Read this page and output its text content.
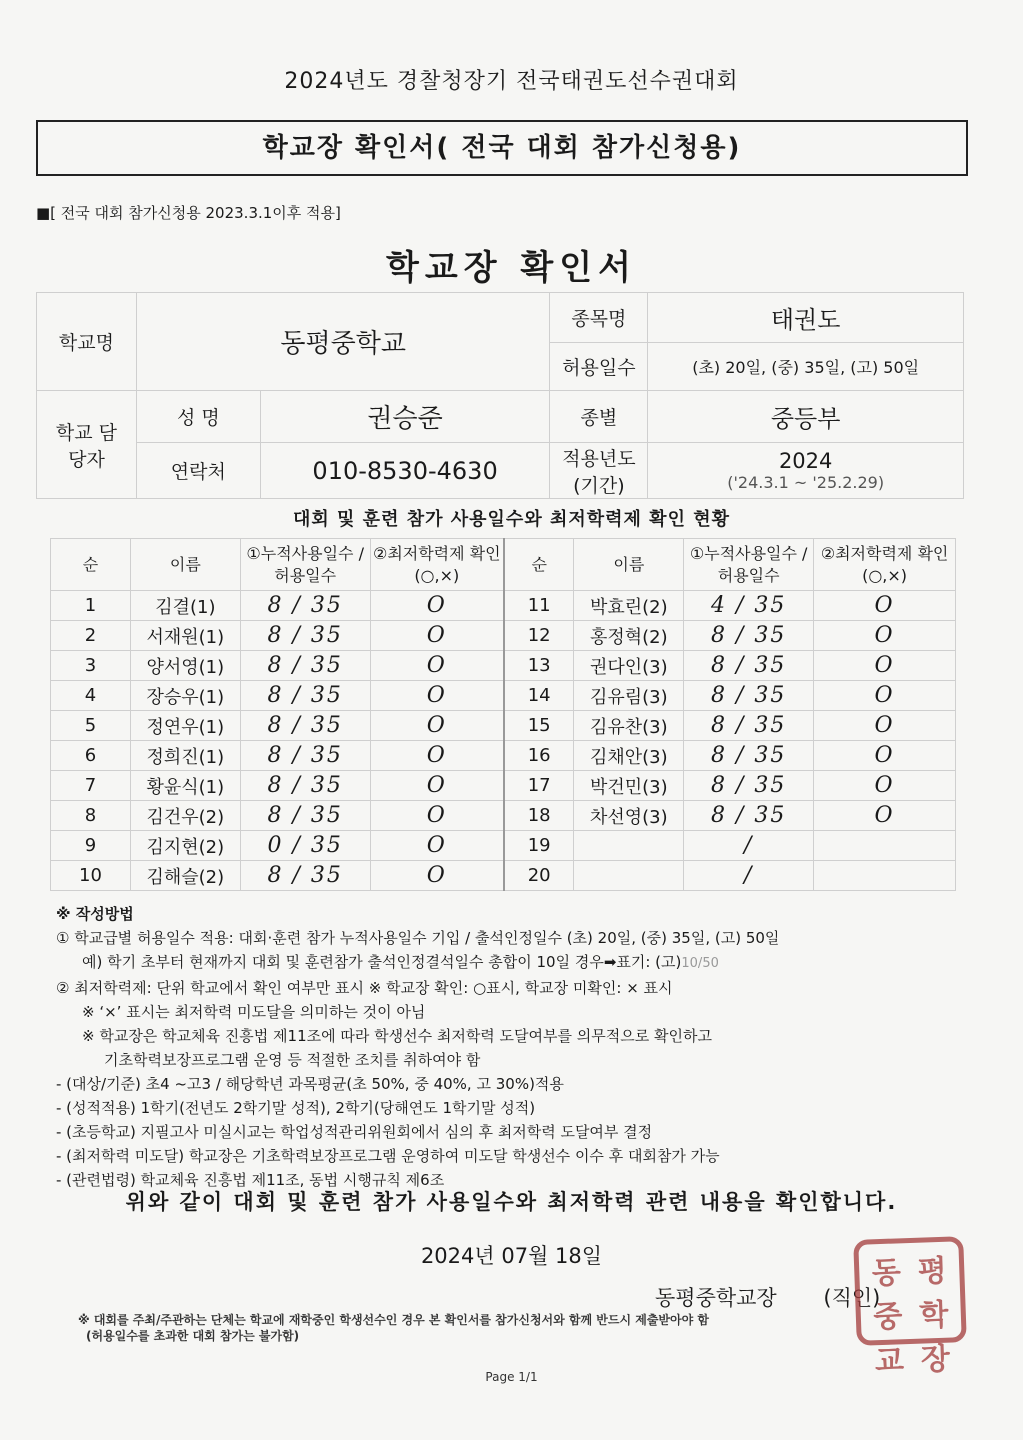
2024년도 경찰청장기 전국태권도선수권대회
학교장 확인서( 전국 대회 참가신청용)
■[ 전국 대회 참가신청용 2023.3.1이후 적용]
학교장 확인서
학교명	동평중학교		종목명	태권도
			허용일수	(초) 20일, (중) 35일, (고) 50일
학교 담당자	성 명	권승준	종별	중등부
	연락처	010-8530-4630	적용년도 (기간)	2024
('24.3.1 ~ '25.2.29)
대회 및 훈련 참가 사용일수와 최저학력제 확인 현황
순	이름	①누적사용일수 /허용일수	②최저학력제 확인(○,×)	순	이름	①누적사용일수 /허용일수	②최저학력제 확인(○,×)
1	김결(1)	8 / 35	O	11	박효린(2)	4 / 35	O
2	서재원(1)	8 / 35	O	12	홍정혁(2)	8 / 35	O
3	양서영(1)	8 / 35	O	13	권다인(3)	8 / 35	O
4	장승우(1)	8 / 35	O	14	김유림(3)	8 / 35	O
5	정연우(1)	8 / 35	O	15	김유찬(3)	8 / 35	O
6	정희진(1)	8 / 35	O	16	김채안(3)	8 / 35	O
7	황윤식(1)	8 / 35	O	17	박건민(3)	8 / 35	O
8	김건우(2)	8 / 35	O	18	차선영(3)	8 / 35	O
9	김지현(2)	0 / 35	O	19		/	
10	김해슬(2)	8 / 35	O	20		/	
※ 작성방법
① 학교급별 허용일수 적용: 대회·훈련 참가 누적사용일수 기입 / 출석인정일수 (초) 20일, (중) 35일, (고) 50일
예) 학기 초부터 현재까지 대회 및 훈련참가 출석인정결석일수 총합이 10일 경우➡표기: (고)10/50
② 최저학력제: 단위 학교에서 확인 여부만 표시 ※ 학교장 확인: ○표시, 학교장 미확인: × 표시
※ ‘×’ 표시는 최저학력 미도달을 의미하는 것이 아님
※ 학교장은 학교체육 진흥법 제11조에 따라 학생선수 최저학력 도달여부를 의무적으로 확인하고
기초학력보장프로그램 운영 등 적절한 조치를 취하여야 함
- (대상/기준) 초4 ~고3 / 해당학년 과목평균(초 50%, 중 40%, 고 30%)적용
- (성적적용) 1학기(전년도 2학기말 성적), 2학기(당해연도 1학기말 성적)
- (초등학교) 지필고사 미실시교는 학업성적관리위원회에서 심의 후 최저학력 도달여부 결정
- (최저학력 미도달) 학교장은 기초학력보장프로그램 운영하여 미도달 학생선수 이수 후 대회참가 가능
- (관련법령) 학교체육 진흥법 제11조, 동법 시행규칙 제6조
위와 같이 대회 및 훈련 참가 사용일수와 최저학력 관련 내용을 확인합니다.
2024년 07월 18일
동평중학교장 (직인)
동 평
중 학
교 장
※ 대회를 주최/주관하는 단체는 학교에 재학중인 학생선수인 경우 본 확인서를 참가신청서와 함께 반드시 제출받아야 함
(허용일수를 초과한 대회 참가는 불가함)
Page 1/1
